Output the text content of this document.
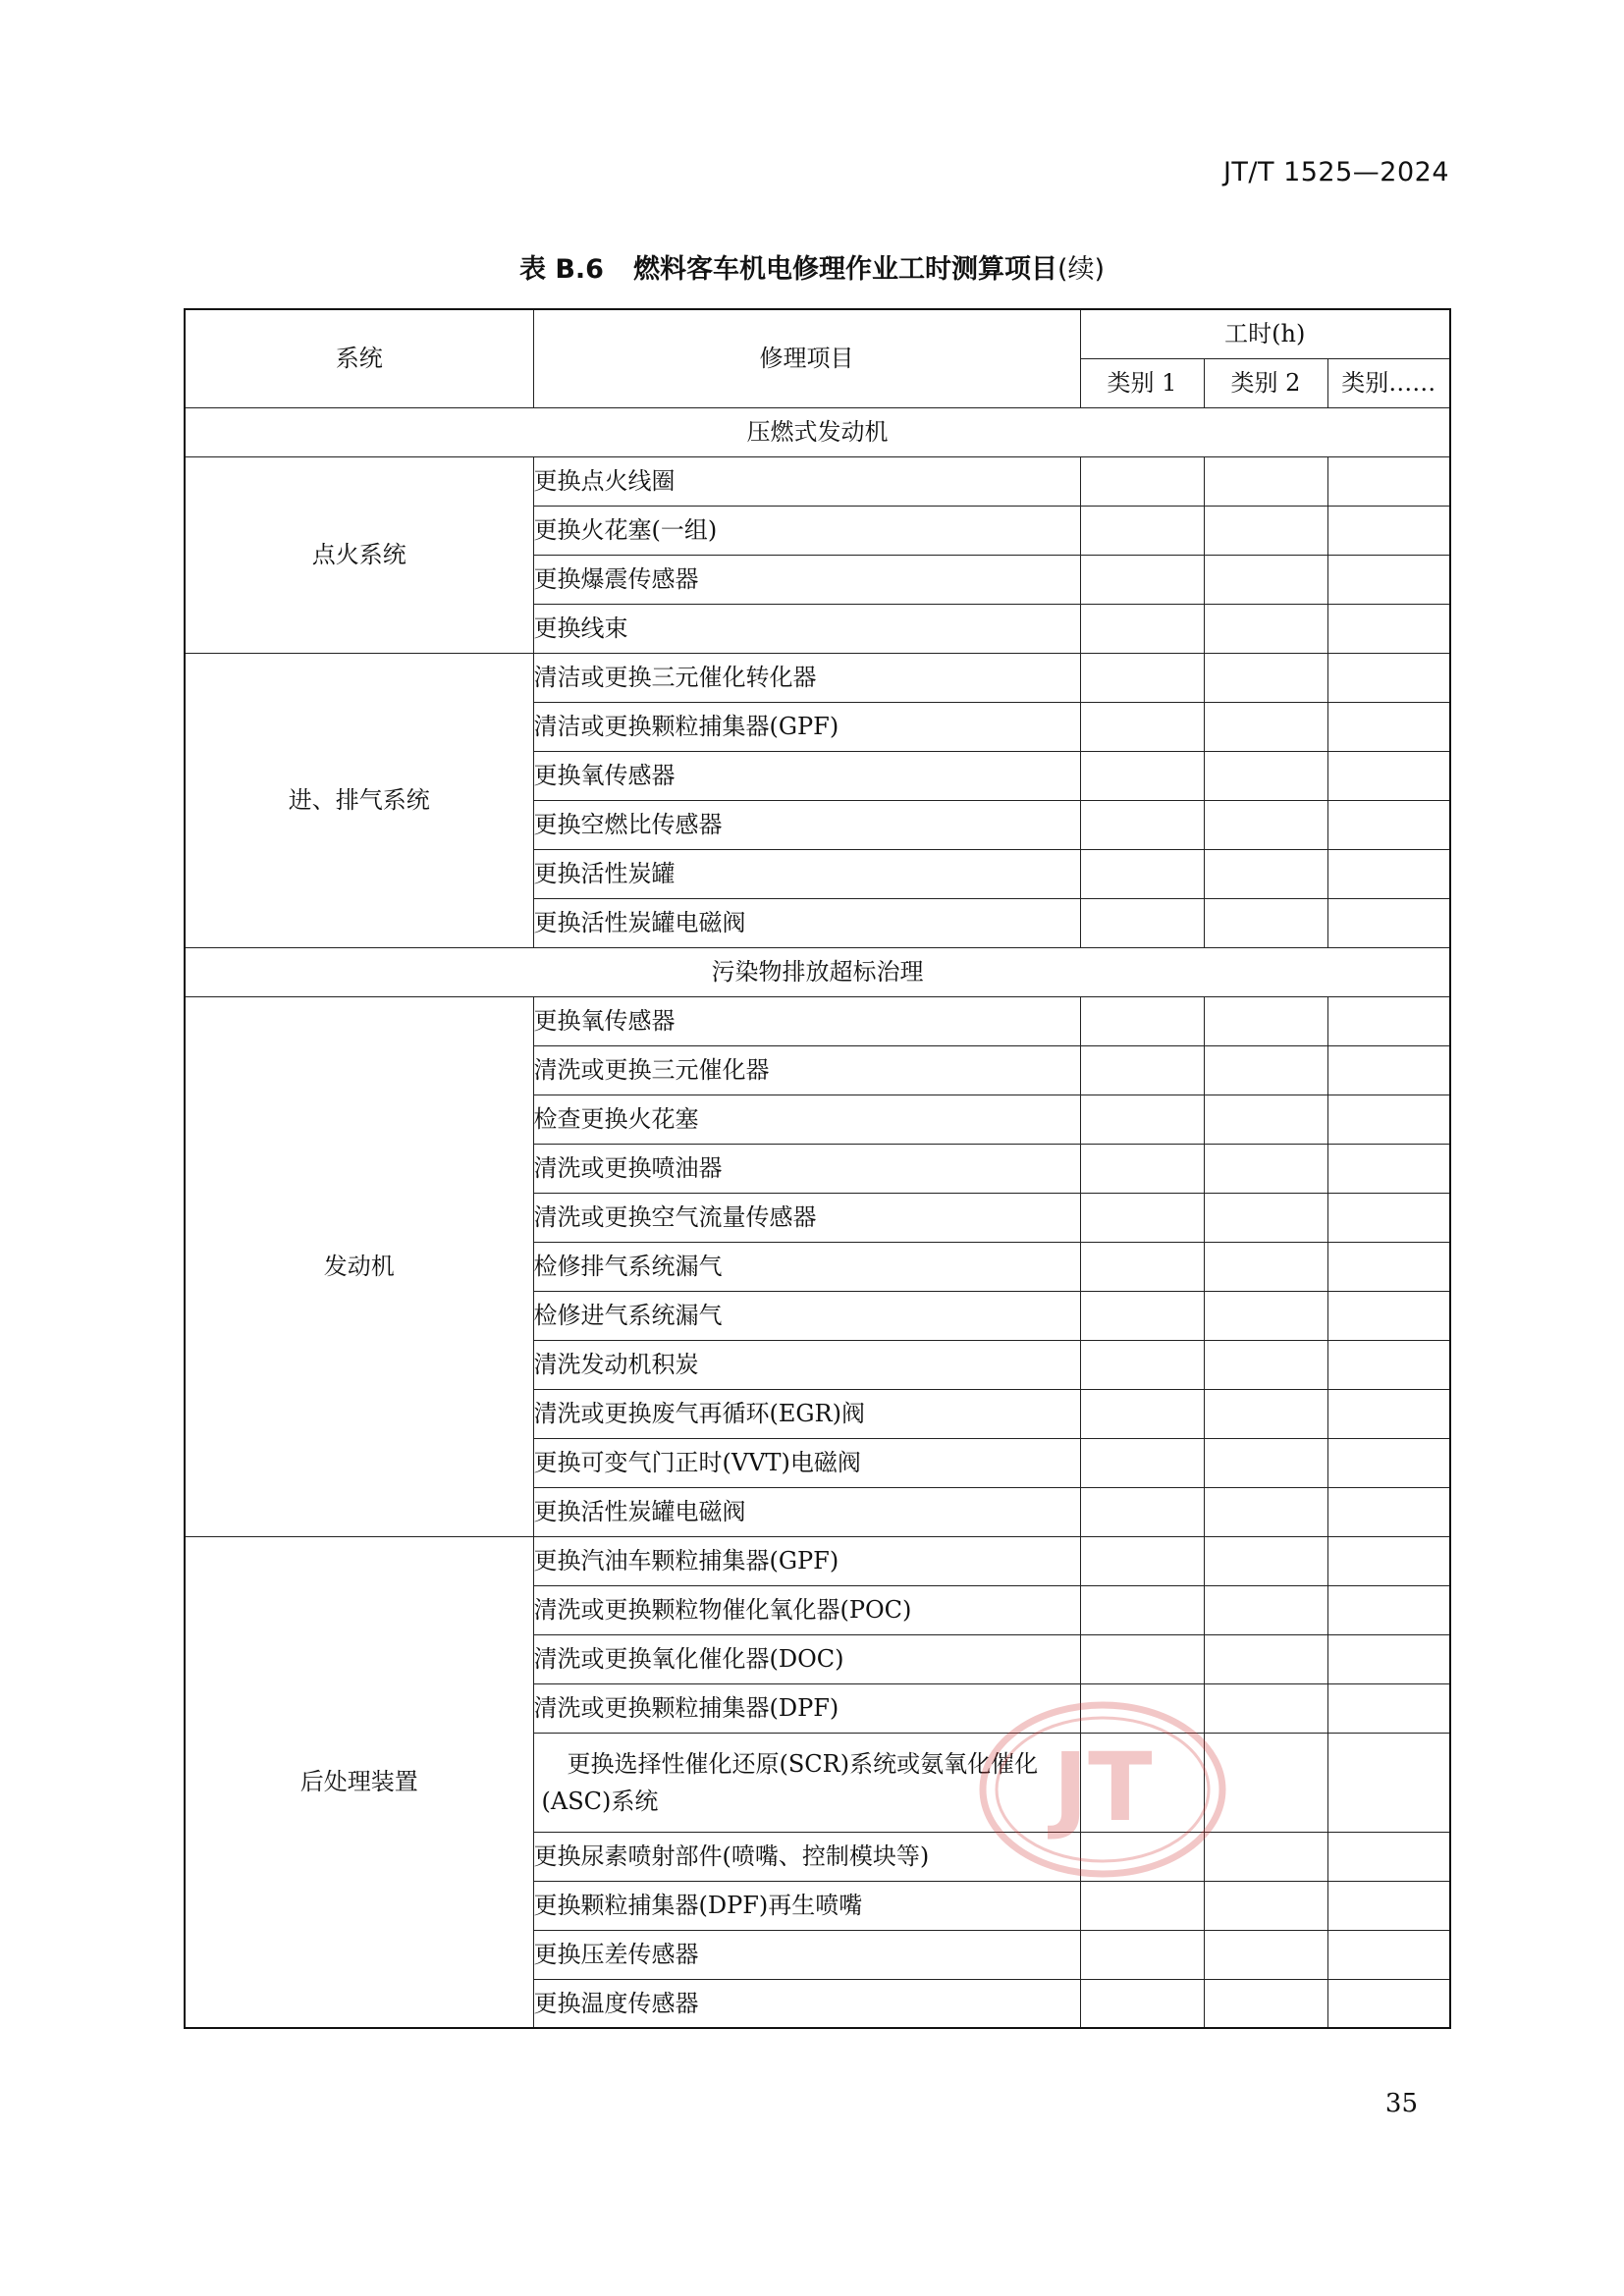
JT/T 1525—2024
表 B.6 燃料客车机电修理作业工时测算项目(续)
系统	修理项目	工时(h)		
		类别 1	类别 2	类别……
压燃式发动机				
点火系统	更换点火线圈			
	更换火花塞(一组)			
	更换爆震传感器			
	更换线束			
进、排气系统	清洁或更换三元催化转化器			
	清洁或更换颗粒捕集器(GPF)			
	更换氧传感器			
	更换空燃比传感器			
	更换活性炭罐			
	更换活性炭罐电磁阀			
污染物排放超标治理				
发动机	更换氧传感器			
	清洗或更换三元催化器			
	检查更换火花塞			
	清洗或更换喷油器			
	清洗或更换空气流量传感器			
	检修排气系统漏气			
	检修进气系统漏气			
	清洗发动机积炭			
	清洗或更换废气再循环(EGR)阀			
	更换可变气门正时(VVT)电磁阀			
	更换活性炭罐电磁阀			
后处理装置	更换汽油车颗粒捕集器(GPF)			
	清洗或更换颗粒物催化氧化器(POC)			
	清洗或更换氧化催化器(DOC)			
	清洗或更换颗粒捕集器(DPF)			
	更换选择性催化还原(SCR)系统或氨氧化催化(ASC)系统			
	更换尿素喷射部件(喷嘴、控制模块等)			
	更换颗粒捕集器(DPF)再生喷嘴			
	更换压差传感器			
	更换温度传感器			
JT
35
